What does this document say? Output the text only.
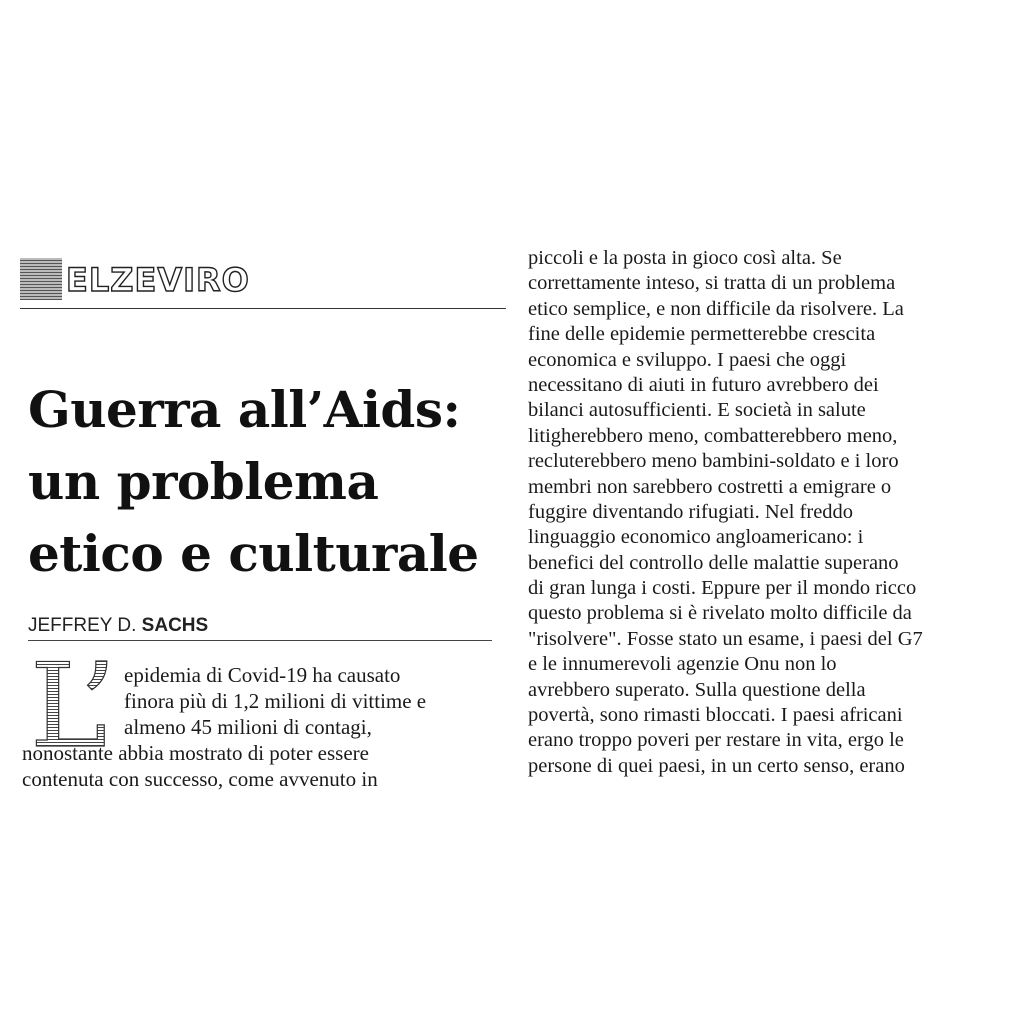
ELZEVIRO
Guerra all’Aids:
un problema
etico e culturale
JEFFREY D. SACHS
L’ epidemia di Covid-19 ha causato
finora più di 1,2 milioni di vittime e
almeno 45 milioni di contagi,
nonostante abbia mostrato di poter essere
contenuta con successo, come avvenuto in
piccoli e la posta in gioco così alta. Se
correttamente inteso, si tratta di un problema
etico semplice, e non difficile da risolvere. La
fine delle epidemie permetterebbe crescita
economica e sviluppo. I paesi che oggi
necessitano di aiuti in futuro avrebbero dei
bilanci autosufficienti. E società in salute
litigherebbero meno, combatterebbero meno,
recluterebbero meno bambini-soldato e i loro
membri non sarebbero costretti a emigrare o
fuggire diventando rifugiati. Nel freddo
linguaggio economico angloamericano: i
benefici del controllo delle malattie superano
di gran lunga i costi. Eppure per il mondo ricco
questo problema si è rivelato molto difficile da
"risolvere". Fosse stato un esame, i paesi del G7
e le innumerevoli agenzie Onu non lo
avrebbero superato. Sulla questione della
povertà, sono rimasti bloccati. I paesi africani
erano troppo poveri per restare in vita, ergo le
persone di quei paesi, in un certo senso, erano
